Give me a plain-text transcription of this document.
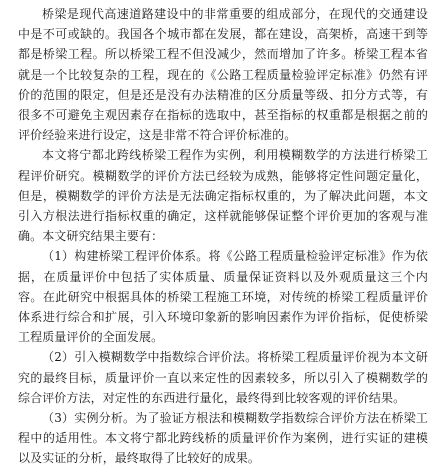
桥梁是现代高速道路建设中的非常重要的组成部分，在现代的交通建设中是不可或缺的。我国各个城市都在发展，都在建设，高架桥，高速干到等都是桥梁工程。所以桥梁工程不但没减少，然而增加了许多。桥梁工程本省就是一个比较复杂的工程，现在的《公路工程质量检验评定标准》仍然有评价的范围的限定，但是还是没有办法精准的区分质量等级、扣分方式等，有很多不可避免主观因素存在指标的选取中，甚至指标的权重都是根据之前的评价经验来进行设定，这是非常不符合评价标准的。

本文将宁都北跨线桥梁工程作为实例，利用模糊数学的方法进行桥梁工程评价研究。模糊数学的评价方法已经较为成熟，能够将定性问题定量化，但是，模糊数学的评价方法是无法确定指标权重的，为了解决此问题，本文引入方根法进行指标权重的确定，这样就能够保证整个评价更加的客观与准确。本文研究结果主要有：

（1）构建桥梁工程评价体系。将《公路工程质量检验评定标准》作为依据，在质量评价中包括了实体质量、质量保证资料以及外观质量这三个内容。在此研究中根据具体的桥梁工程施工环境，对传统的桥梁工程质量评价体系进行综合和扩展，引入环境印象新的影响因素作为评价指标，促使桥梁工程质量评价的全面发展。

（2）引入模糊数学中指数综合评价法。将桥梁工程质量评价视为本文研究的最终目标，质量评价一直以来定性的因素较多，所以引入了模糊数学的综合评价方法，对定性的东西进行量化，最终得到比较客观的评价结果。

（3）实例分析。为了验证方根法和模糊数学指数综合评价方法在桥梁工程中的适用性。本文将宁都北跨线桥的质量评价作为案例，进行实证的建模以及实证的分析，最终取得了比较好的成果。
